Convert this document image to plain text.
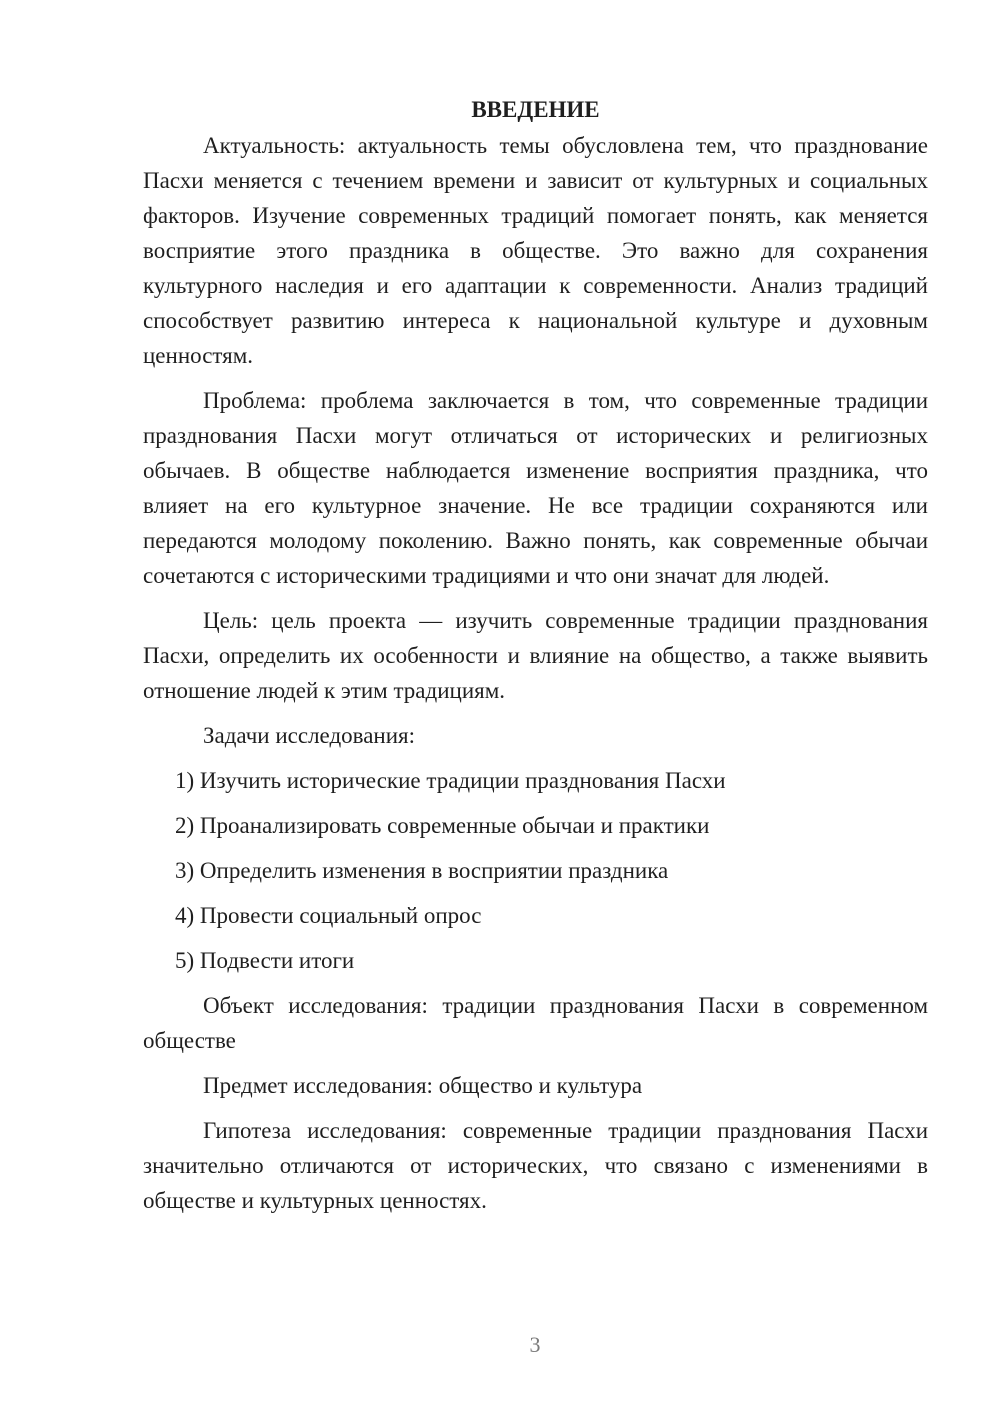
ВВЕДЕНИЕ

Актуальность: актуальность темы обусловлена тем, что празднование Пасхи меняется с течением времени и зависит от культурных и социальных факторов. Изучение современных традиций помогает понять, как меняется восприятие этого праздника в обществе. Это важно для сохранения культурного наследия и его адаптации к современности. Анализ традиций способствует развитию интереса к национальной культуре и духовным ценностям.

Проблема: проблема заключается в том, что современные традиции празднования Пасхи могут отличаться от исторических и религиозных обычаев. В обществе наблюдается изменение восприятия праздника, что влияет на его культурное значение. Не все традиции сохраняются или передаются молодому поколению. Важно понять, как современные обычаи сочетаются с историческими традициями и что они значат для людей.

Цель: цель проекта — изучить современные традиции празднования Пасхи, определить их особенности и влияние на общество, а также выявить отношение людей к этим традициям.

Задачи исследования:

1) Изучить исторические традиции празднования Пасхи
2) Проанализировать современные обычаи и практики
3) Определить изменения в восприятии праздника
4) Провести социальный опрос
5) Подвести итоги

Объект исследования: традиции празднования Пасхи в современном обществе

Предмет исследования: общество и культура

Гипотеза исследования: современные традиции празднования Пасхи значительно отличаются от исторических, что связано с изменениями в обществе и культурных ценностях.

3
